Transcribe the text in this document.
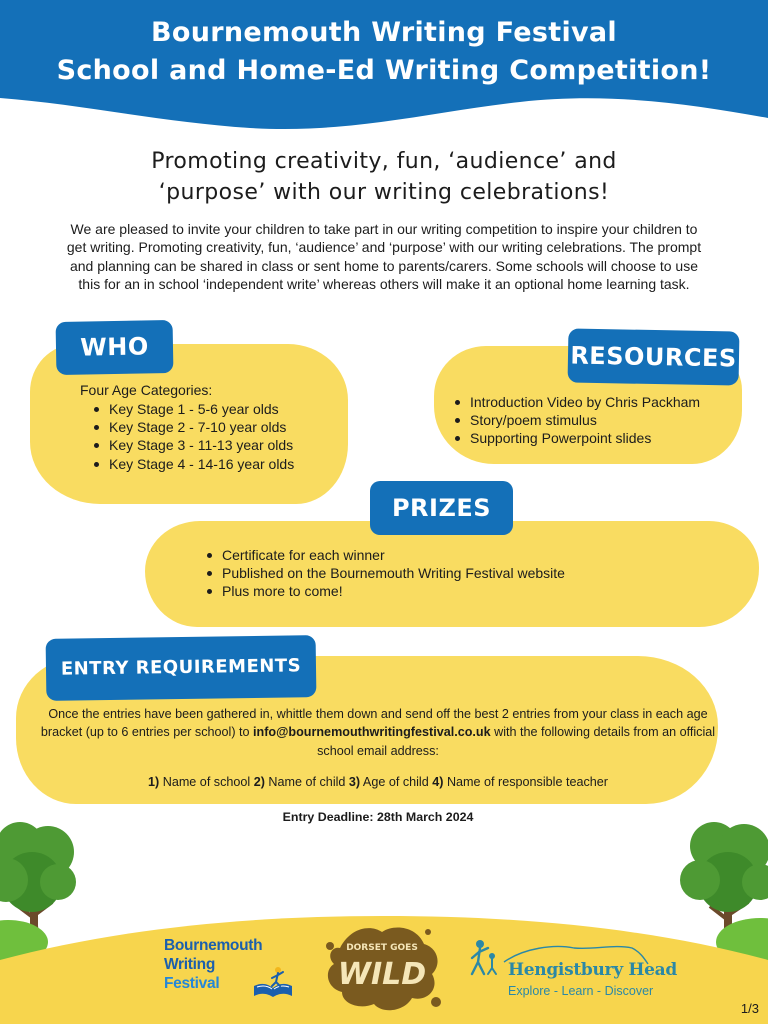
Bournemouth Writing Festival
School and Home-Ed Writing Competition!
Promoting creativity, fun, ‘audience’ and
‘purpose’ with our writing celebrations!

We are pleased to invite your children to take part in our writing competition to inspire your children to get writing. Promoting creativity, fun, ‘audience’ and ‘purpose’ with our writing celebrations. The prompt and planning can be shared in class or sent home to parents/carers. Some schools will choose to use this for an in school ‘independent write’ whereas others will make it an optional home learning task.

WHO
Four Age Categories:
Key Stage 1 - 5-6 year olds
Key Stage 2 - 7-10 year olds
Key Stage 3 - 11-13 year olds
Key Stage 4 - 14-16 year olds
RESOURCES
Introduction Video by Chris Packham
Story/poem stimulus
Supporting Powerpoint slides
PRIZES
Certificate for each winner
Published on the Bournemouth Writing Festival website
Plus more to come!
ENTRY REQUIREMENTS
Once the entries have been gathered in, whittle them down and send off the best 2 entries from your class in each age bracket (up to 6 entries per school) to info@bournemouthwritingfestival.co.uk with the following details from an official school email address:
1) Name of school 2) Name of child 3) Age of child 4) Name of responsible teacher
Entry Deadline: 28th March 2024
Bournemouth
Writing
Festival
DORSET GOES
WILD	Hengistbury Head
Explore - Learn - Discover
1/3
